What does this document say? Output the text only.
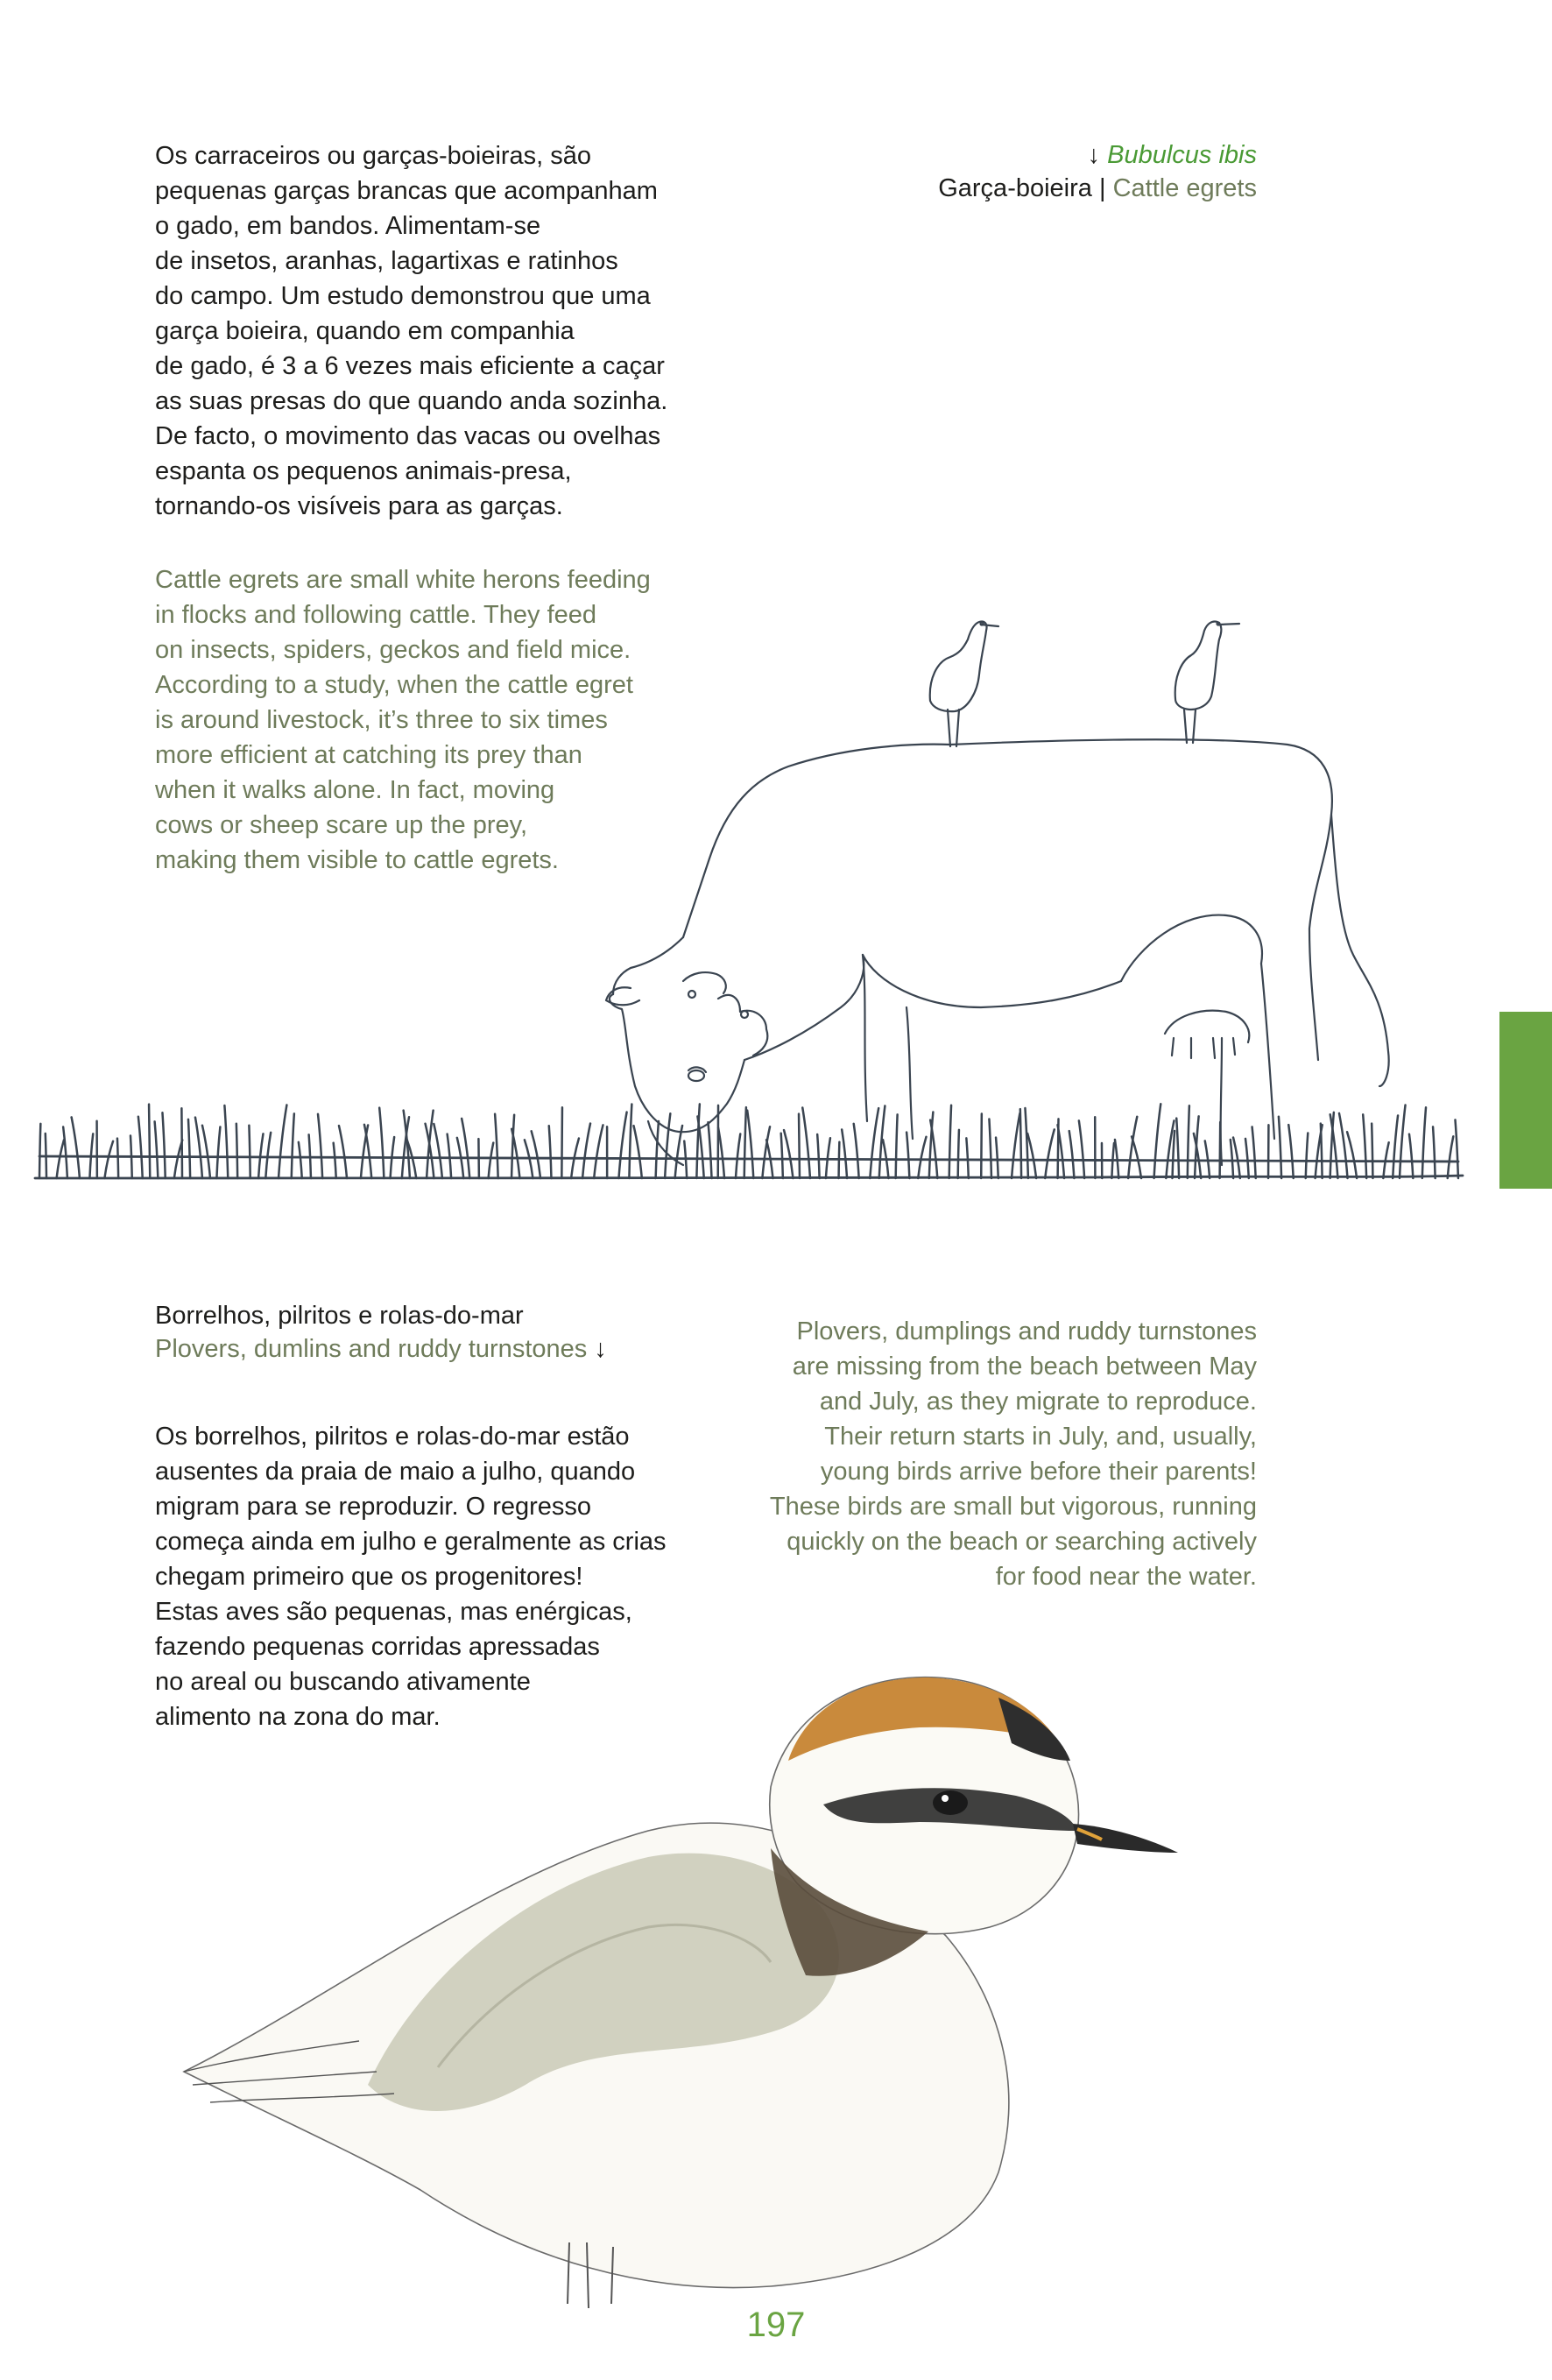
Os carraceiros ou garças-boieiras, são
pequenas garças brancas que acompanham
o gado, em bandos. Alimentam-se
de insetos, aranhas, lagartixas e ratinhos
do campo. Um estudo demonstrou que uma
garça boieira, quando em companhia
de gado, é 3 a 6 vezes mais eficiente a caçar
as suas presas do que quando anda sozinha.
De facto, o movimento das vacas ou ovelhas
espanta os pequenos animais-presa,
tornando-os visíveis para as garças.

Cattle egrets are small white herons feeding
in flocks and following cattle. They feed
on insects, spiders, geckos and field mice.
According to a study, when the cattle egret
is around livestock, it’s three to six times
more efficient at catching its prey than
when it walks alone. In fact, moving
cows or sheep scare up the prey,
making them visible to cattle egrets.

↓ Bubulcus ibis
Garça-boieira | Cattle egrets
Borrelhos, pilritos e rolas-do-mar
Plovers, dumlins and ruddy turnstones ↓

Os borrelhos, pilritos e rolas-do-mar estão
ausentes da praia de maio a julho, quando
migram para se reproduzir. O regresso
começa ainda em julho e geralmente as crias
chegam primeiro que os progenitores!
Estas aves são pequenas, mas enérgicas,
fazendo pequenas corridas apressadas
no areal ou buscando ativamente
alimento na zona do mar.

Plovers, dumplings and ruddy turnstones
are missing from the beach between May
and July, as they migrate to reproduce.
Their return starts in July, and, usually,
young birds arrive before their parents!
These birds are small but vigorous, running
quickly on the beach or searching actively
for food near the water.

197
